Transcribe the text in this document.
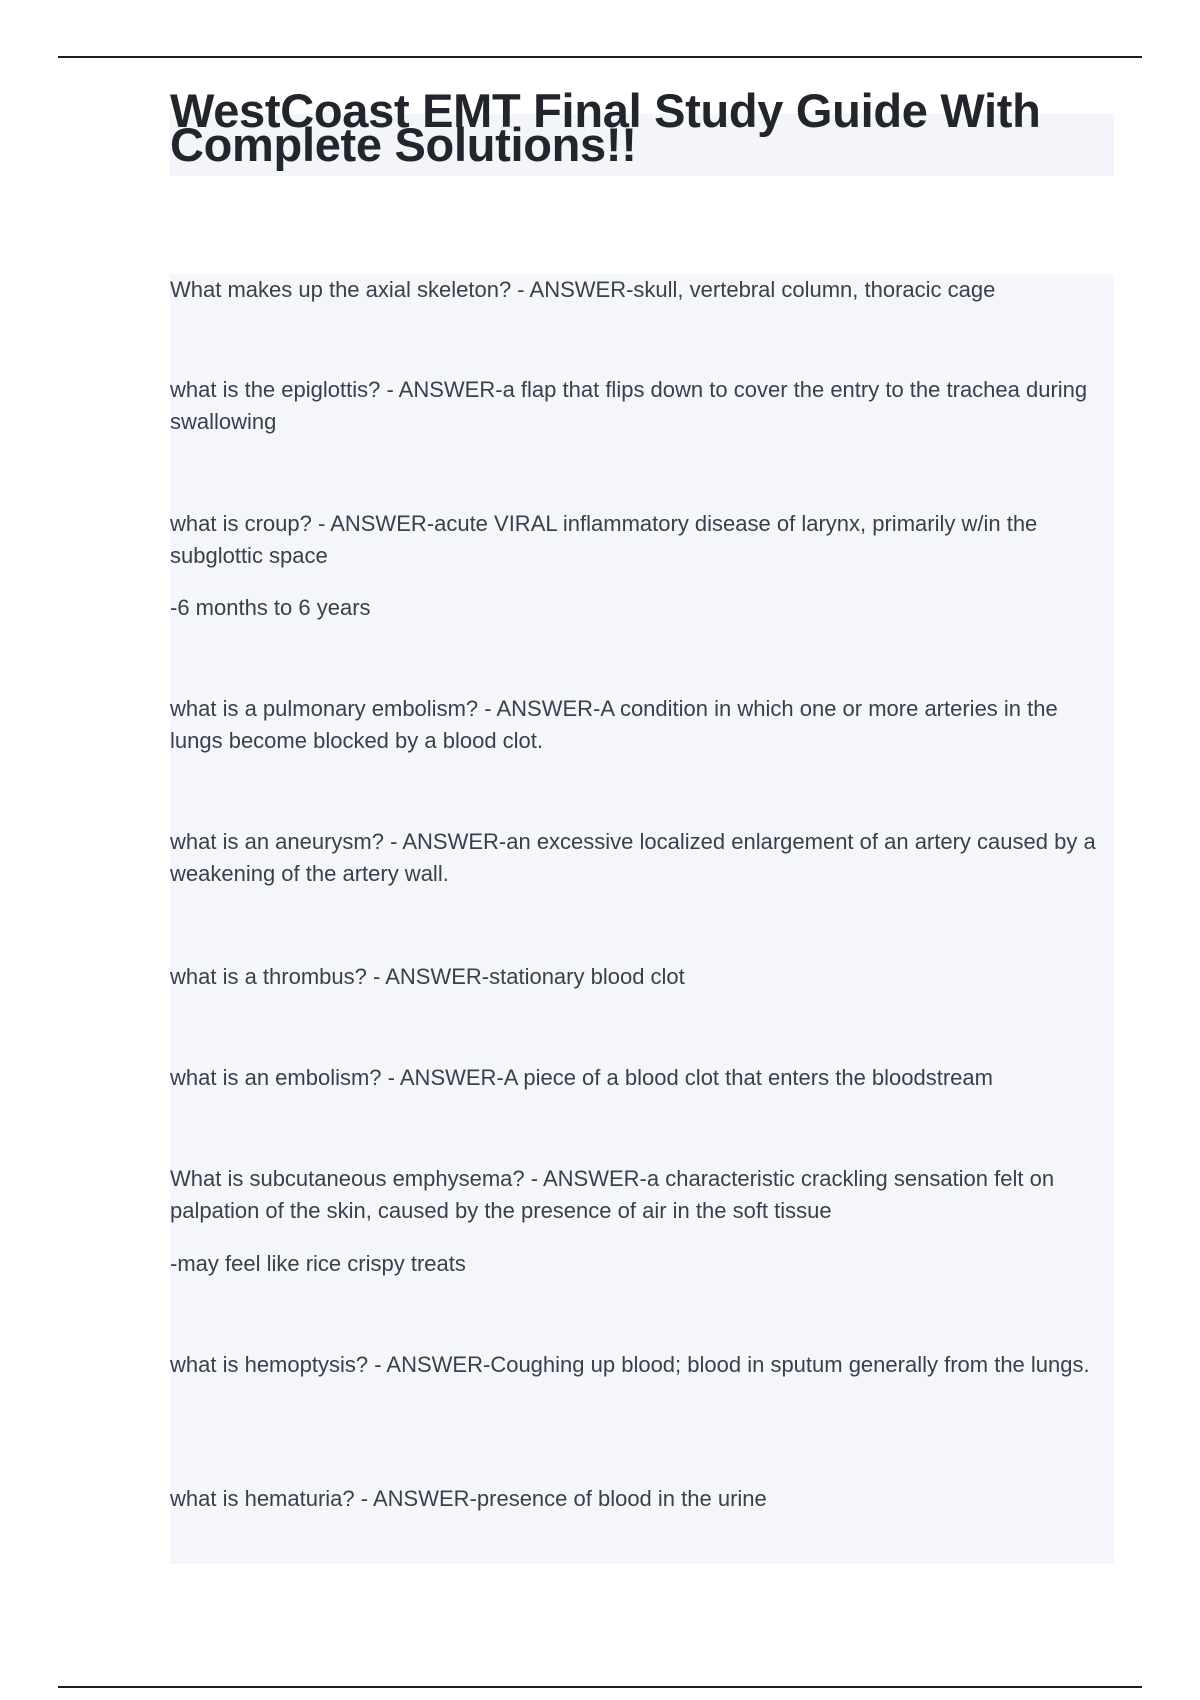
WestCoast EMT Final Study Guide With Complete Solutions!!

What makes up the axial skeleton? - ANSWER-skull, vertebral column, thoracic cage

what is the epiglottis? - ANSWER-a flap that flips down to cover the entry to the trachea during swallowing

what is croup? - ANSWER-acute VIRAL inflammatory disease of larynx, primarily w/in the subglottic space

-6 months to 6 years

what is a pulmonary embolism? - ANSWER-A condition in which one or more arteries in the lungs become blocked by a blood clot.

what is an aneurysm? - ANSWER-an excessive localized enlargement of an artery caused by a weakening of the artery wall.

what is a thrombus? - ANSWER-stationary blood clot

what is an embolism? - ANSWER-A piece of a blood clot that enters the bloodstream

What is subcutaneous emphysema? - ANSWER-a characteristic crackling sensation felt on palpation of the skin, caused by the presence of air in the soft tissue

-may feel like rice crispy treats

what is hemoptysis? - ANSWER-Coughing up blood; blood in sputum generally from the lungs.

what is hematuria? - ANSWER-presence of blood in the urine
